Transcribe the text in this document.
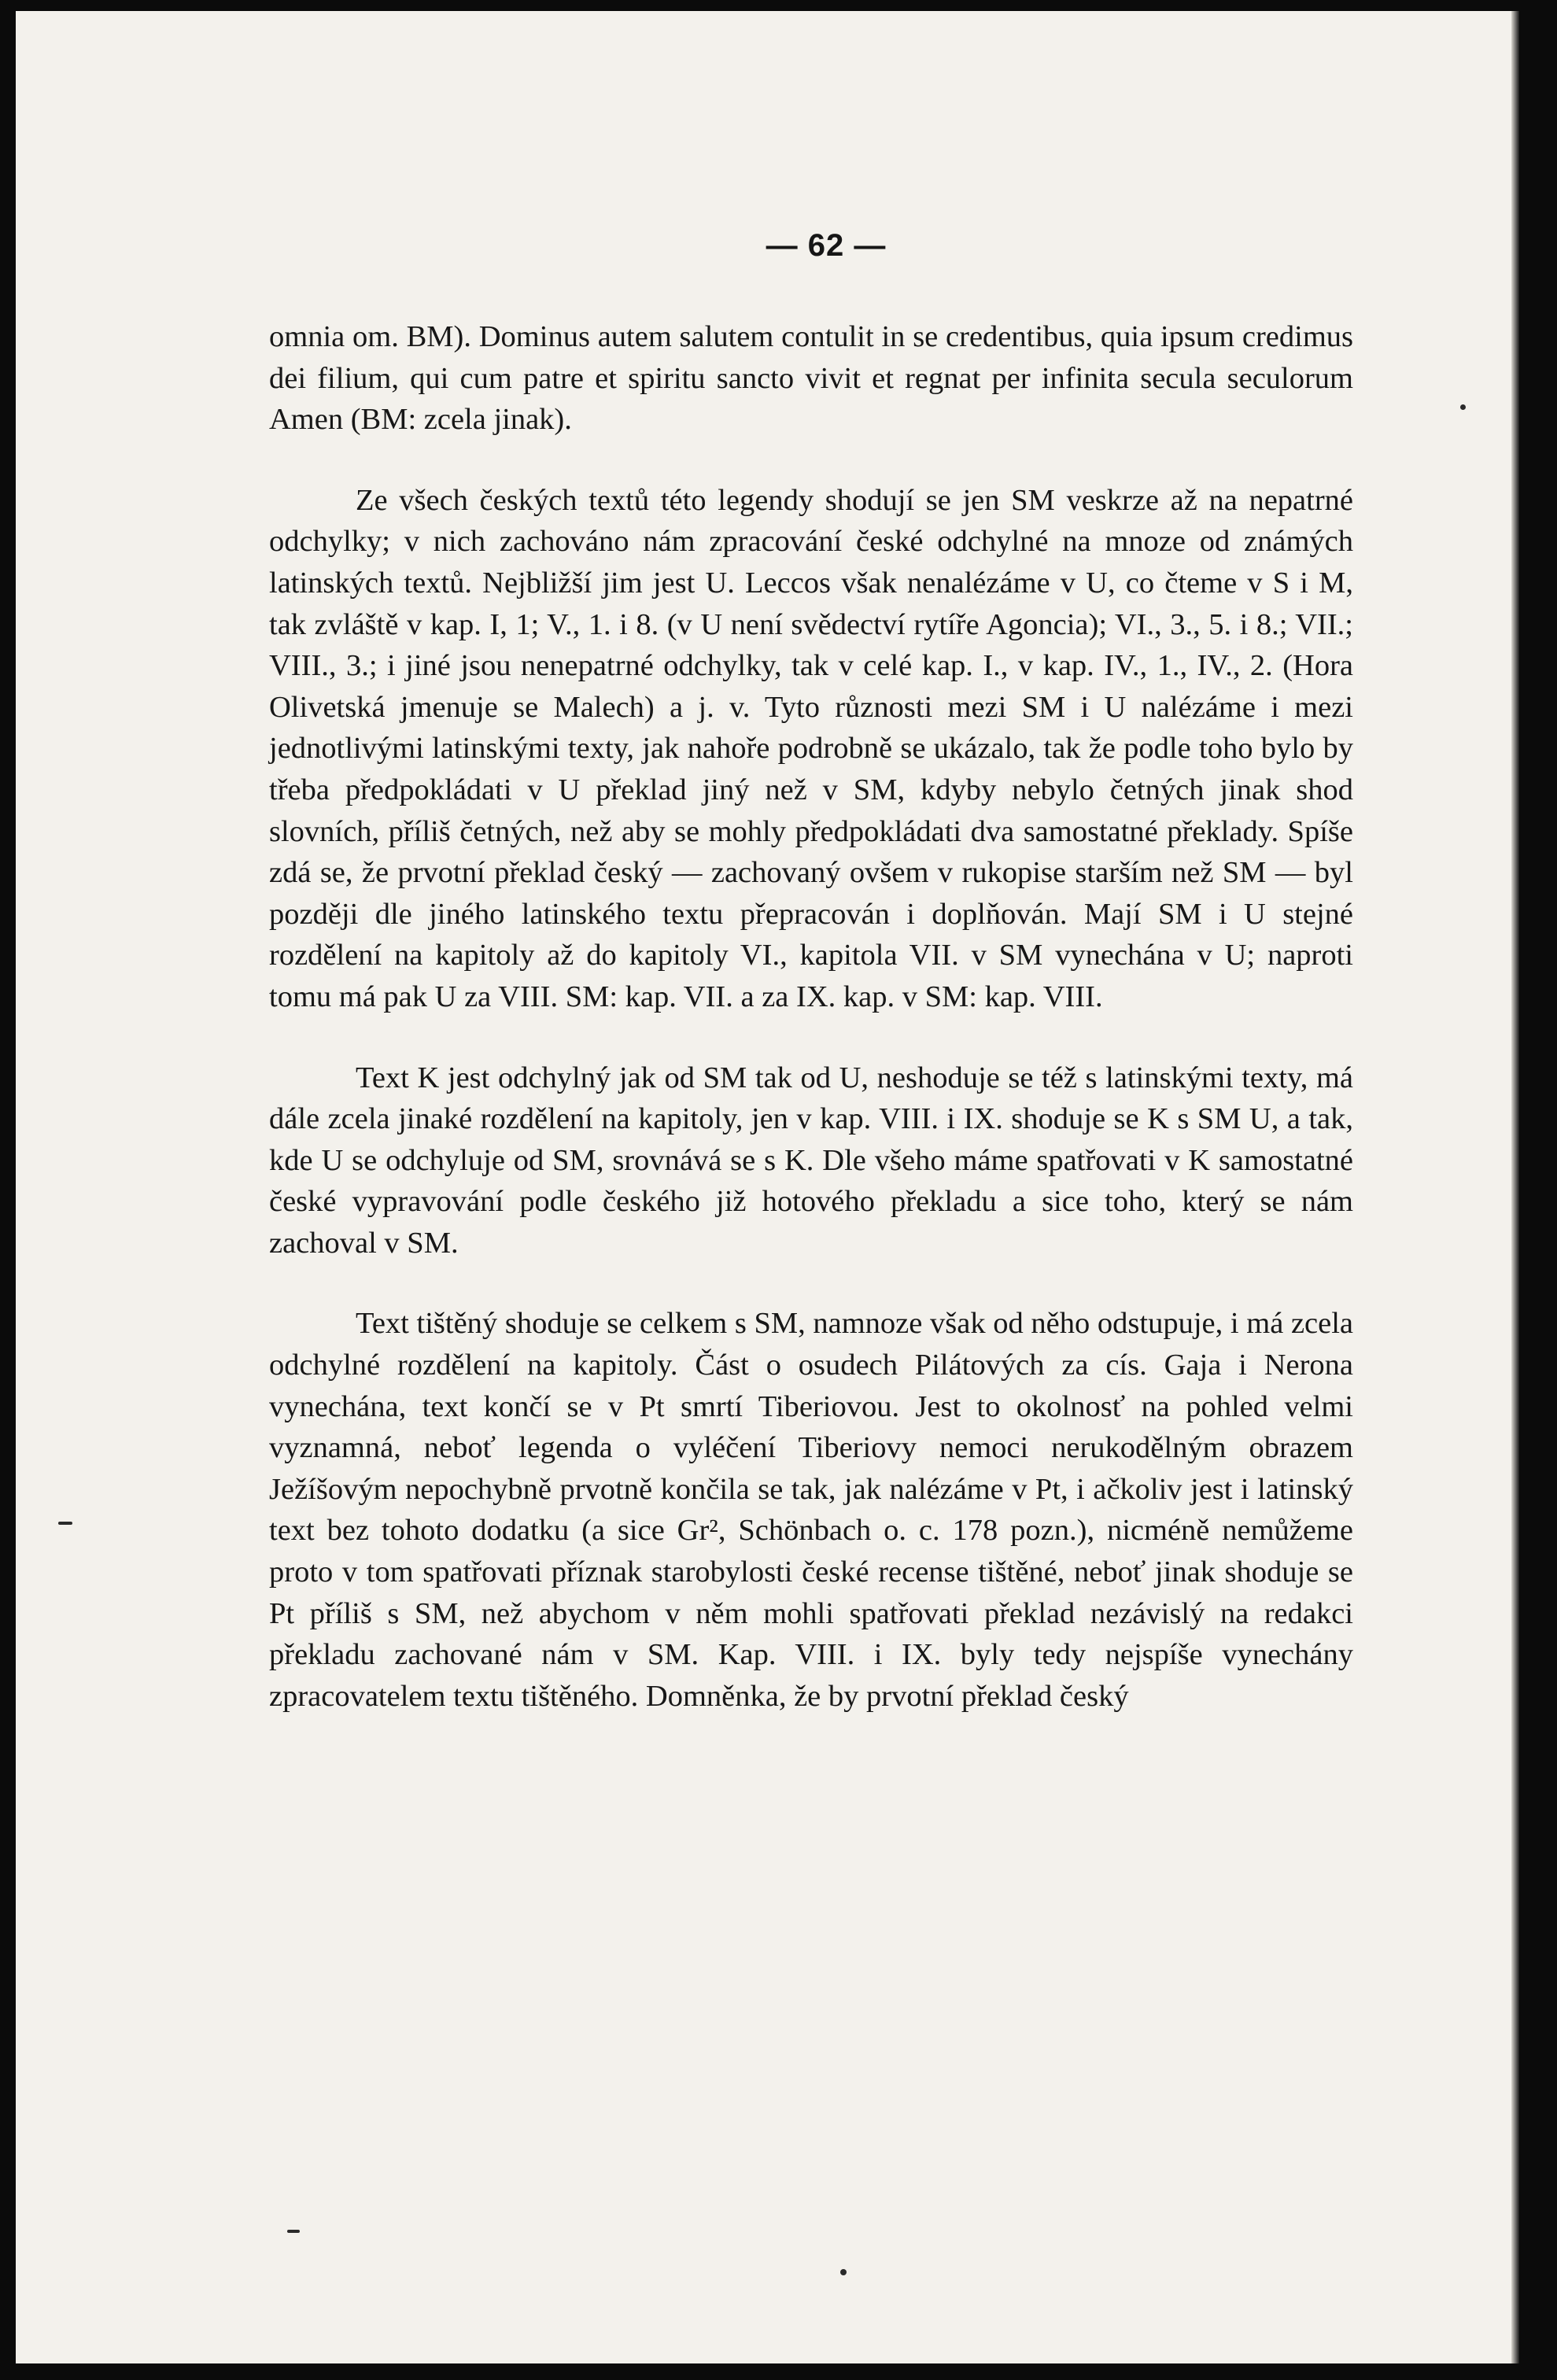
— 62 —

omnia om. BM). Dominus autem salutem contulit in se credentibus, quia ipsum credimus dei filium, qui cum patre et spiritu sancto vivit et regnat per infinita secula seculorum Amen (BM: zcela jinak).

Ze všech českých textů této legendy shodují se jen SM veskrze až na nepatrné odchylky; v nich zachováno nám zpracování české odchylné na mnoze od známých latinských textů. Nejbližší jim jest U. Leccos však nenalézáme v U, co čteme v S i M, tak zvláště v kap. I, 1; V., 1. i 8. (v U není svědectví rytíře Agoncia); VI., 3., 5. i 8.; VII.; VIII., 3.; i jiné jsou nenepatrné odchylky, tak v celé kap. I., v kap. IV., 1., IV., 2. (Hora Olivetská jmenuje se Malech) a j. v. Tyto různosti mezi SM i U nalézáme i mezi jednotlivými latinskými texty, jak nahoře podrobně se ukázalo, tak že podle toho bylo by třeba předpokládati v U překlad jiný než v SM, kdyby nebylo četných jinak shod slovních, příliš četných, než aby se mohly předpokládati dva samostatné překlady. Spíše zdá se, že prvotní překlad český — zachovaný ovšem v rukopise starším než SM — byl později dle jiného latinského textu přepracován i doplňován. Mají SM i U stejné rozdělení na kapitoly až do kapitoly VI., kapitola VII. v SM vynechána v U; naproti tomu má pak U za VIII. SM: kap. VII. a za IX. kap. v SM: kap. VIII.

Text K jest odchylný jak od SM tak od U, neshoduje se též s latinskými texty, má dále zcela jinaké rozdělení na kapitoly, jen v kap. VIII. i IX. shoduje se K s SM U, a tak, kde U se odchyluje od SM, srovnává se s K. Dle všeho máme spatřovati v K samostatné české vypravování podle českého již hotového překladu a sice toho, který se nám zachoval v SM.

Text tištěný shoduje se celkem s SM, namnoze však od něho odstupuje, i má zcela odchylné rozdělení na kapitoly. Část o osudech Pilátových za cís. Gaja i Nerona vynechána, text končí se v Pt smrtí Tiberiovou. Jest to okolnosť na pohled velmi vyznamná, neboť legenda o vyléčení Tiberiovy nemoci nerukodělným obrazem Ježíšovým nepochybně prvotně končila se tak, jak nalézáme v Pt, i ačkoliv jest i latinský text bez tohoto dodatku (a sice Gr², Schönbach o. c. 178 pozn.), nicméně nemůžeme proto v tom spatřovati příznak starobylosti české recense tištěné, neboť jinak shoduje se Pt příliš s SM, než abychom v něm mohli spatřovati překlad nezávislý na redakci překladu zachované nám v SM. Kap. VIII. i IX. byly tedy nejspíše vynechány zpracovatelem textu tištěného. Domněnka, že by prvotní překlad český
